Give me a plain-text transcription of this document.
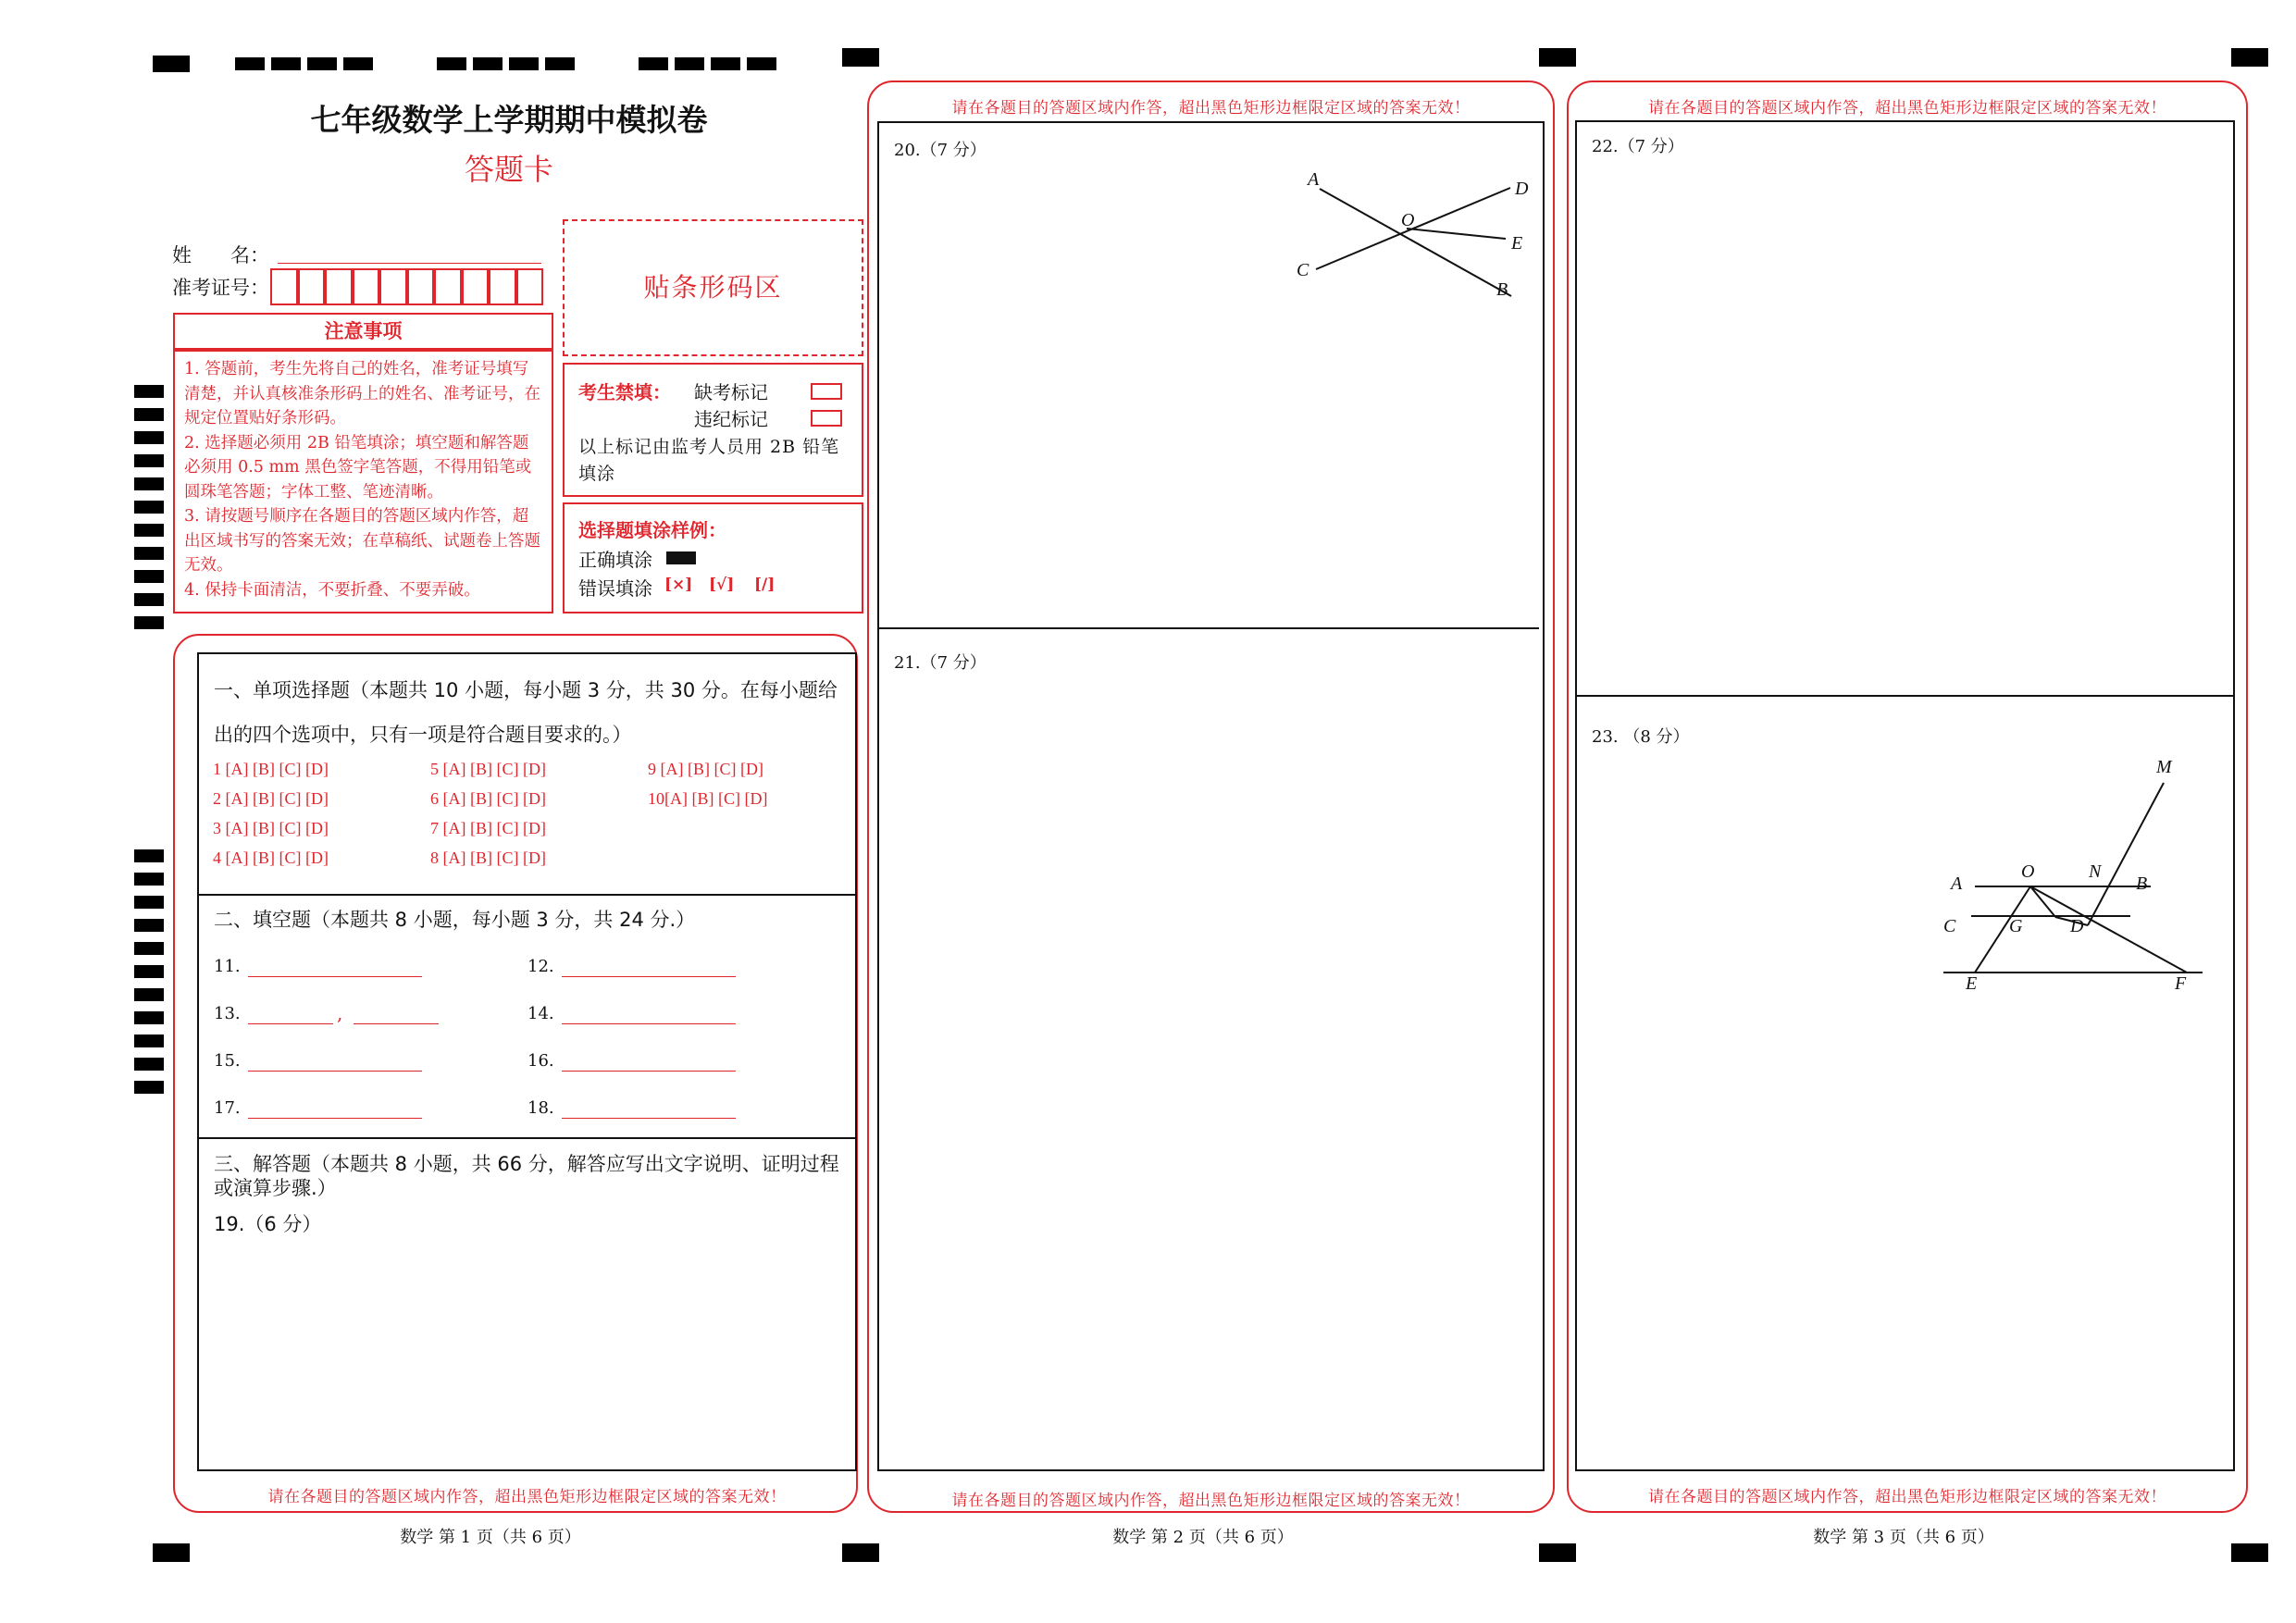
七年级数学上学期期中模拟卷
答题卡
姓　　名：
准考证号：
注意事项

1. 答题前，考生先将自己的姓名，准考证号填写清楚，并认真核准条形码上的姓名、准考证号，在规定位置贴好条形码。

2. 选择题必须用 2B 铅笔填涂；填空题和解答题必须用 0.5 mm 黑色签字笔答题，不得用铅笔或圆珠笔答题；字体工整、笔迹清晰。

3. 请按题号顺序在各题目的答题区域内作答，超出区域书写的答案无效；在草稿纸、试题卷上答题无效。

4. 保持卡面清洁，不要折叠、不要弄破。

贴条形码区
考生禁填： 缺考标记
违纪标记
以上标记由监考人员用 2B 铅笔填涂
选择题填涂样例：
正确填涂
错误填涂 [×] [√] [/]
一、单项选择题（本题共 10 小题，每小题 3 分，共 30 分。在每小题给
出的四个选项中，只有一项是符合题目要求的。）
1 [A] [B] [C] [D]
2 [A] [B] [C] [D]
3 [A] [B] [C] [D]
4 [A] [B] [C] [D]
5 [A] [B] [C] [D]
6 [A] [B] [C] [D]
7 [A] [B] [C] [D]
8 [A] [B] [C] [D]
9 [A] [B] [C] [D]
10[A] [B] [C] [D]
二、填空题（本题共 8 小题，每小题 3 分，共 24 分.）
11.	12.
13.	,	14.
15.	16.
17.	18.
三、解答题（本题共 8 小题，共 66 分，解答应写出文字说明、证明过程
或演算步骤.）
19.（6 分）
请在各题目的答题区域内作答，超出黑色矩形边框限定区域的答案无效！
数学 第 1 页（共 6 页）
请在各题目的答题区域内作答，超出黑色矩形边框限定区域的答案无效！
20.（7 分）
A	D
O
E
C
B
21.（7 分）
请在各题目的答题区域内作答，超出黑色矩形边框限定区域的答案无效！
数学 第 2 页（共 6 页）
请在各题目的答题区域内作答，超出黑色矩形边框限定区域的答案无效！
22.（7 分）
23. （8 分）
M
O	N
A	B
C	G	D
E	F
请在各题目的答题区域内作答，超出黑色矩形边框限定区域的答案无效！
数学 第 3 页（共 6 页）
